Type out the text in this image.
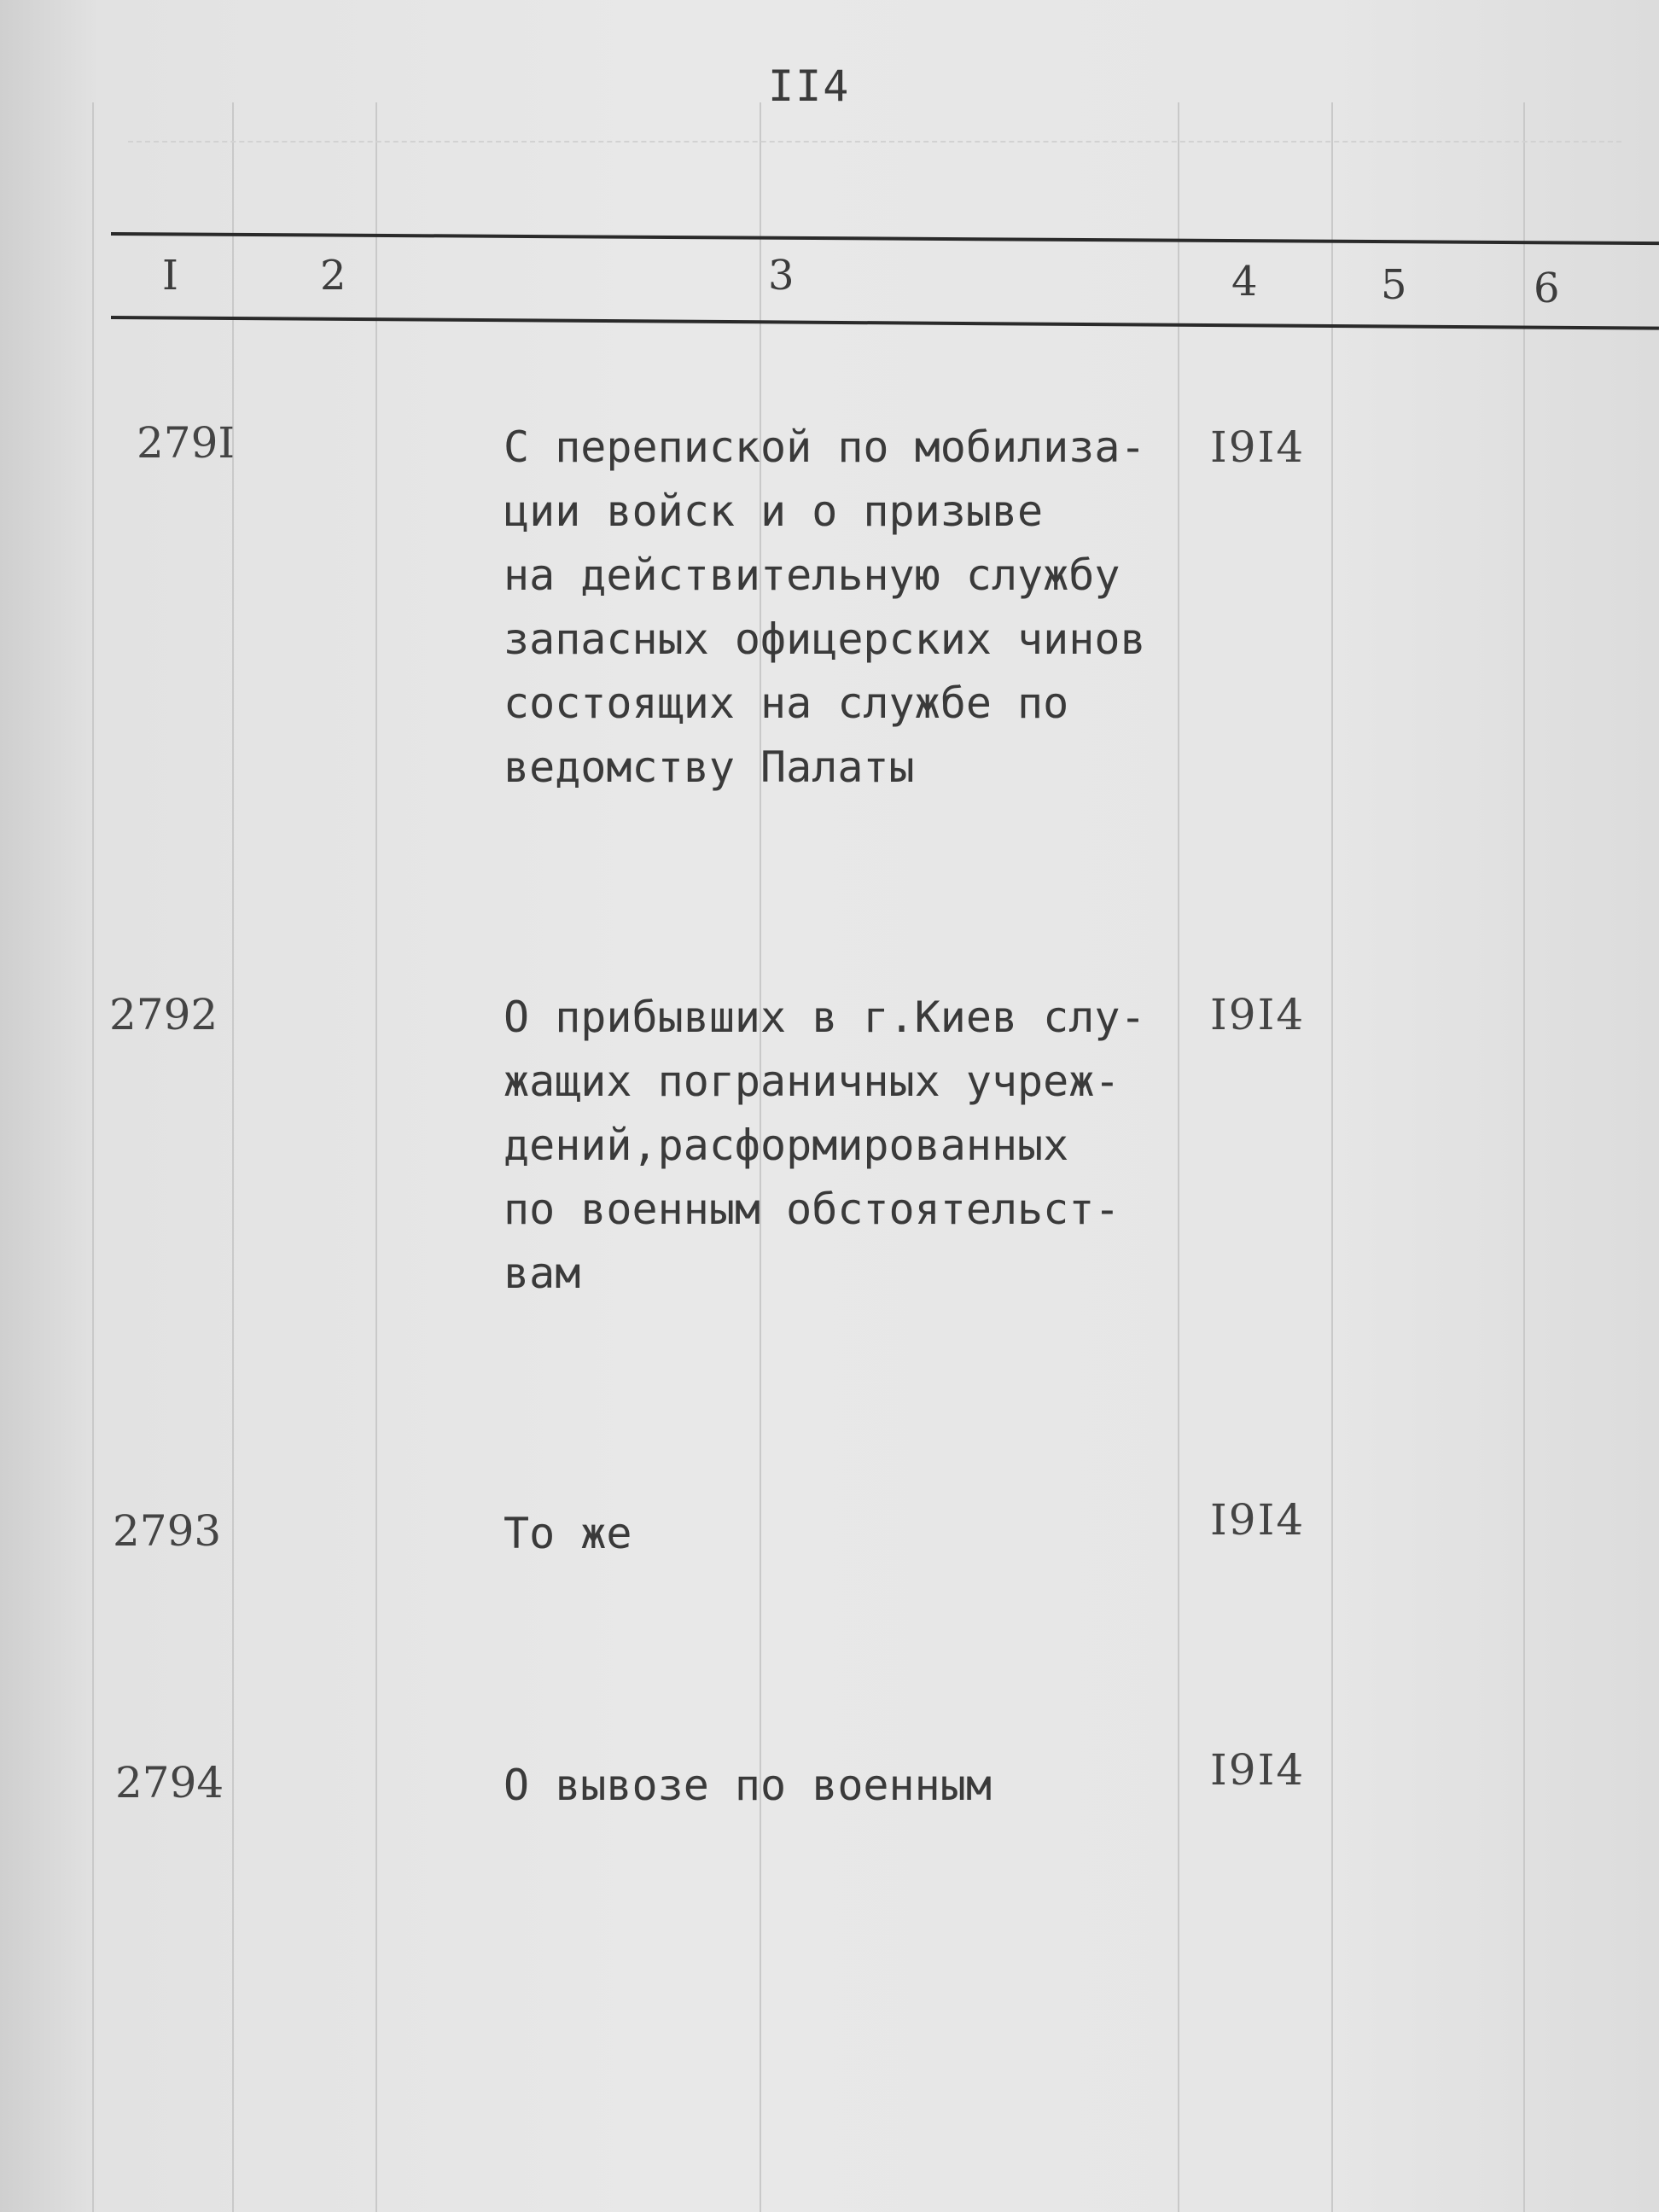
II4
I	2	3	4	5	6
279I	С перепиской по мобилиза-
ции войск и о призыве
на действительную службу
запасных офицерских чинов
состоящих на службе по
ведомству Палаты
I9I4
2792	О прибывших в г.Киев слу-
жащих пограничных учреж-
дений,расформированных
по военным обстоятельст-
вам
I9I4
2793	То же	I9I4
2794	О вывозе по военным	I9I4
